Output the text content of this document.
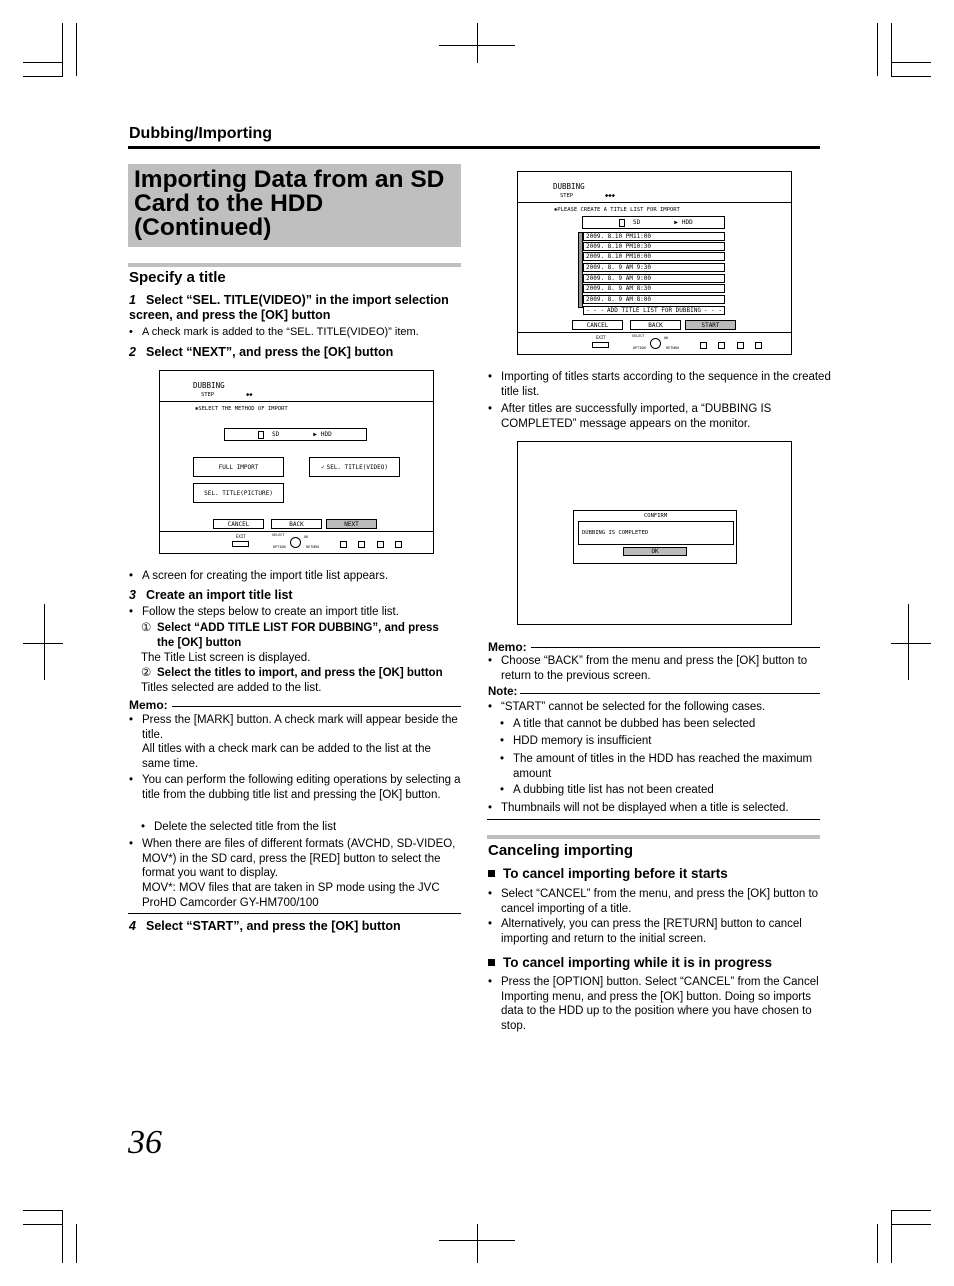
Dubbing/Importing
Importing Data from an SD Card to the HDD (Continued)
Specify a title
1 Select “SEL. TITLE(VIDEO)” in the import selection screen, and press the [OK] button
• A check mark is added to the “SEL. TITLE(VIDEO)” item.
2 Select “NEXT”, and press the [OK] button
DUBBING
STEP	◆◆
✱SELECT THE METHOD OF IMPORT
SD	▶ HDD
FULL IMPORT	✓ SEL. TITLE(VIDEO)
SEL. TITLE(PICTURE)
CANCEL	BACK	NEXT
EXIT	SELECT	OK
OPTION	RETURN
• A screen for creating the import title list appears.
3 Create an import title list
• Follow the steps below to create an import title list.
① Select “ADD TITLE LIST FOR DUBBING”, and press the [OK] button
The Title List screen is displayed.
② Select the titles to import, and press the [OK] button
Titles selected are added to the list.
Memo:
• Press the [MARK] button. A check mark will appear beside the title.
All titles with a check mark can be added to the list at the same time.
• You can perform the following editing operations by selecting a title from the dubbing title list and pressing the [OK] button.
• Delete the selected title from the list
• When there are files of different formats (AVCHD, SD-VIDEO, MOV*) in the SD card, press the [RED] button to select the format you want to display.
MOV*: MOV files that are taken in SP mode using the JVC ProHD Camcorder GY-HM700/100
4 Select “START”, and press the [OK] button
DUBBING
STEP	◆◆◆
✱PLEASE CREATE A TITLE LIST FOR IMPORT
SD	▶ HDD
2009. 8.10 PM11:00
2009. 8.10 PM10:30
2009. 8.10 PM10:00
2009. 8. 9 AM 9:30
2009. 8. 9 AM 9:00
2009. 8. 9 AM 8:30
2009. 8. 9 AM 8:00
- - - ADD TITLE LIST FOR DUBBING - - -
CANCEL	BACK	START
EXIT	SELECT	OK
OPTION	RETURN
• Importing of titles starts according to the sequence in the created title list.
• After titles are successfully imported, a “DUBBING IS COMPLETED” message appears on the monitor.
CONFIRM
DUBBING IS COMPLETED
OK
Memo:
• Choose “BACK” from the menu and press the [OK] button to return to the previous screen.
Note:
• “START” cannot be selected for the following cases.
• A title that cannot be dubbed has been selected
• HDD memory is insufficient
• The amount of titles in the HDD has reached the maximum amount
• A dubbing title list has not been created
• Thumbnails will not be displayed when a title is selected.
Canceling importing
To cancel importing before it starts
• Select “CANCEL” from the menu, and press the [OK] button to cancel importing of a title.
• Alternatively, you can press the [RETURN] button to cancel importing and return to the initial screen.
To cancel importing while it is in progress
• Press the [OPTION] button. Select “CANCEL” from the Cancel Importing menu, and press the [OK] button. Doing so imports data to the HDD up to the position where you have chosen to stop.
36
